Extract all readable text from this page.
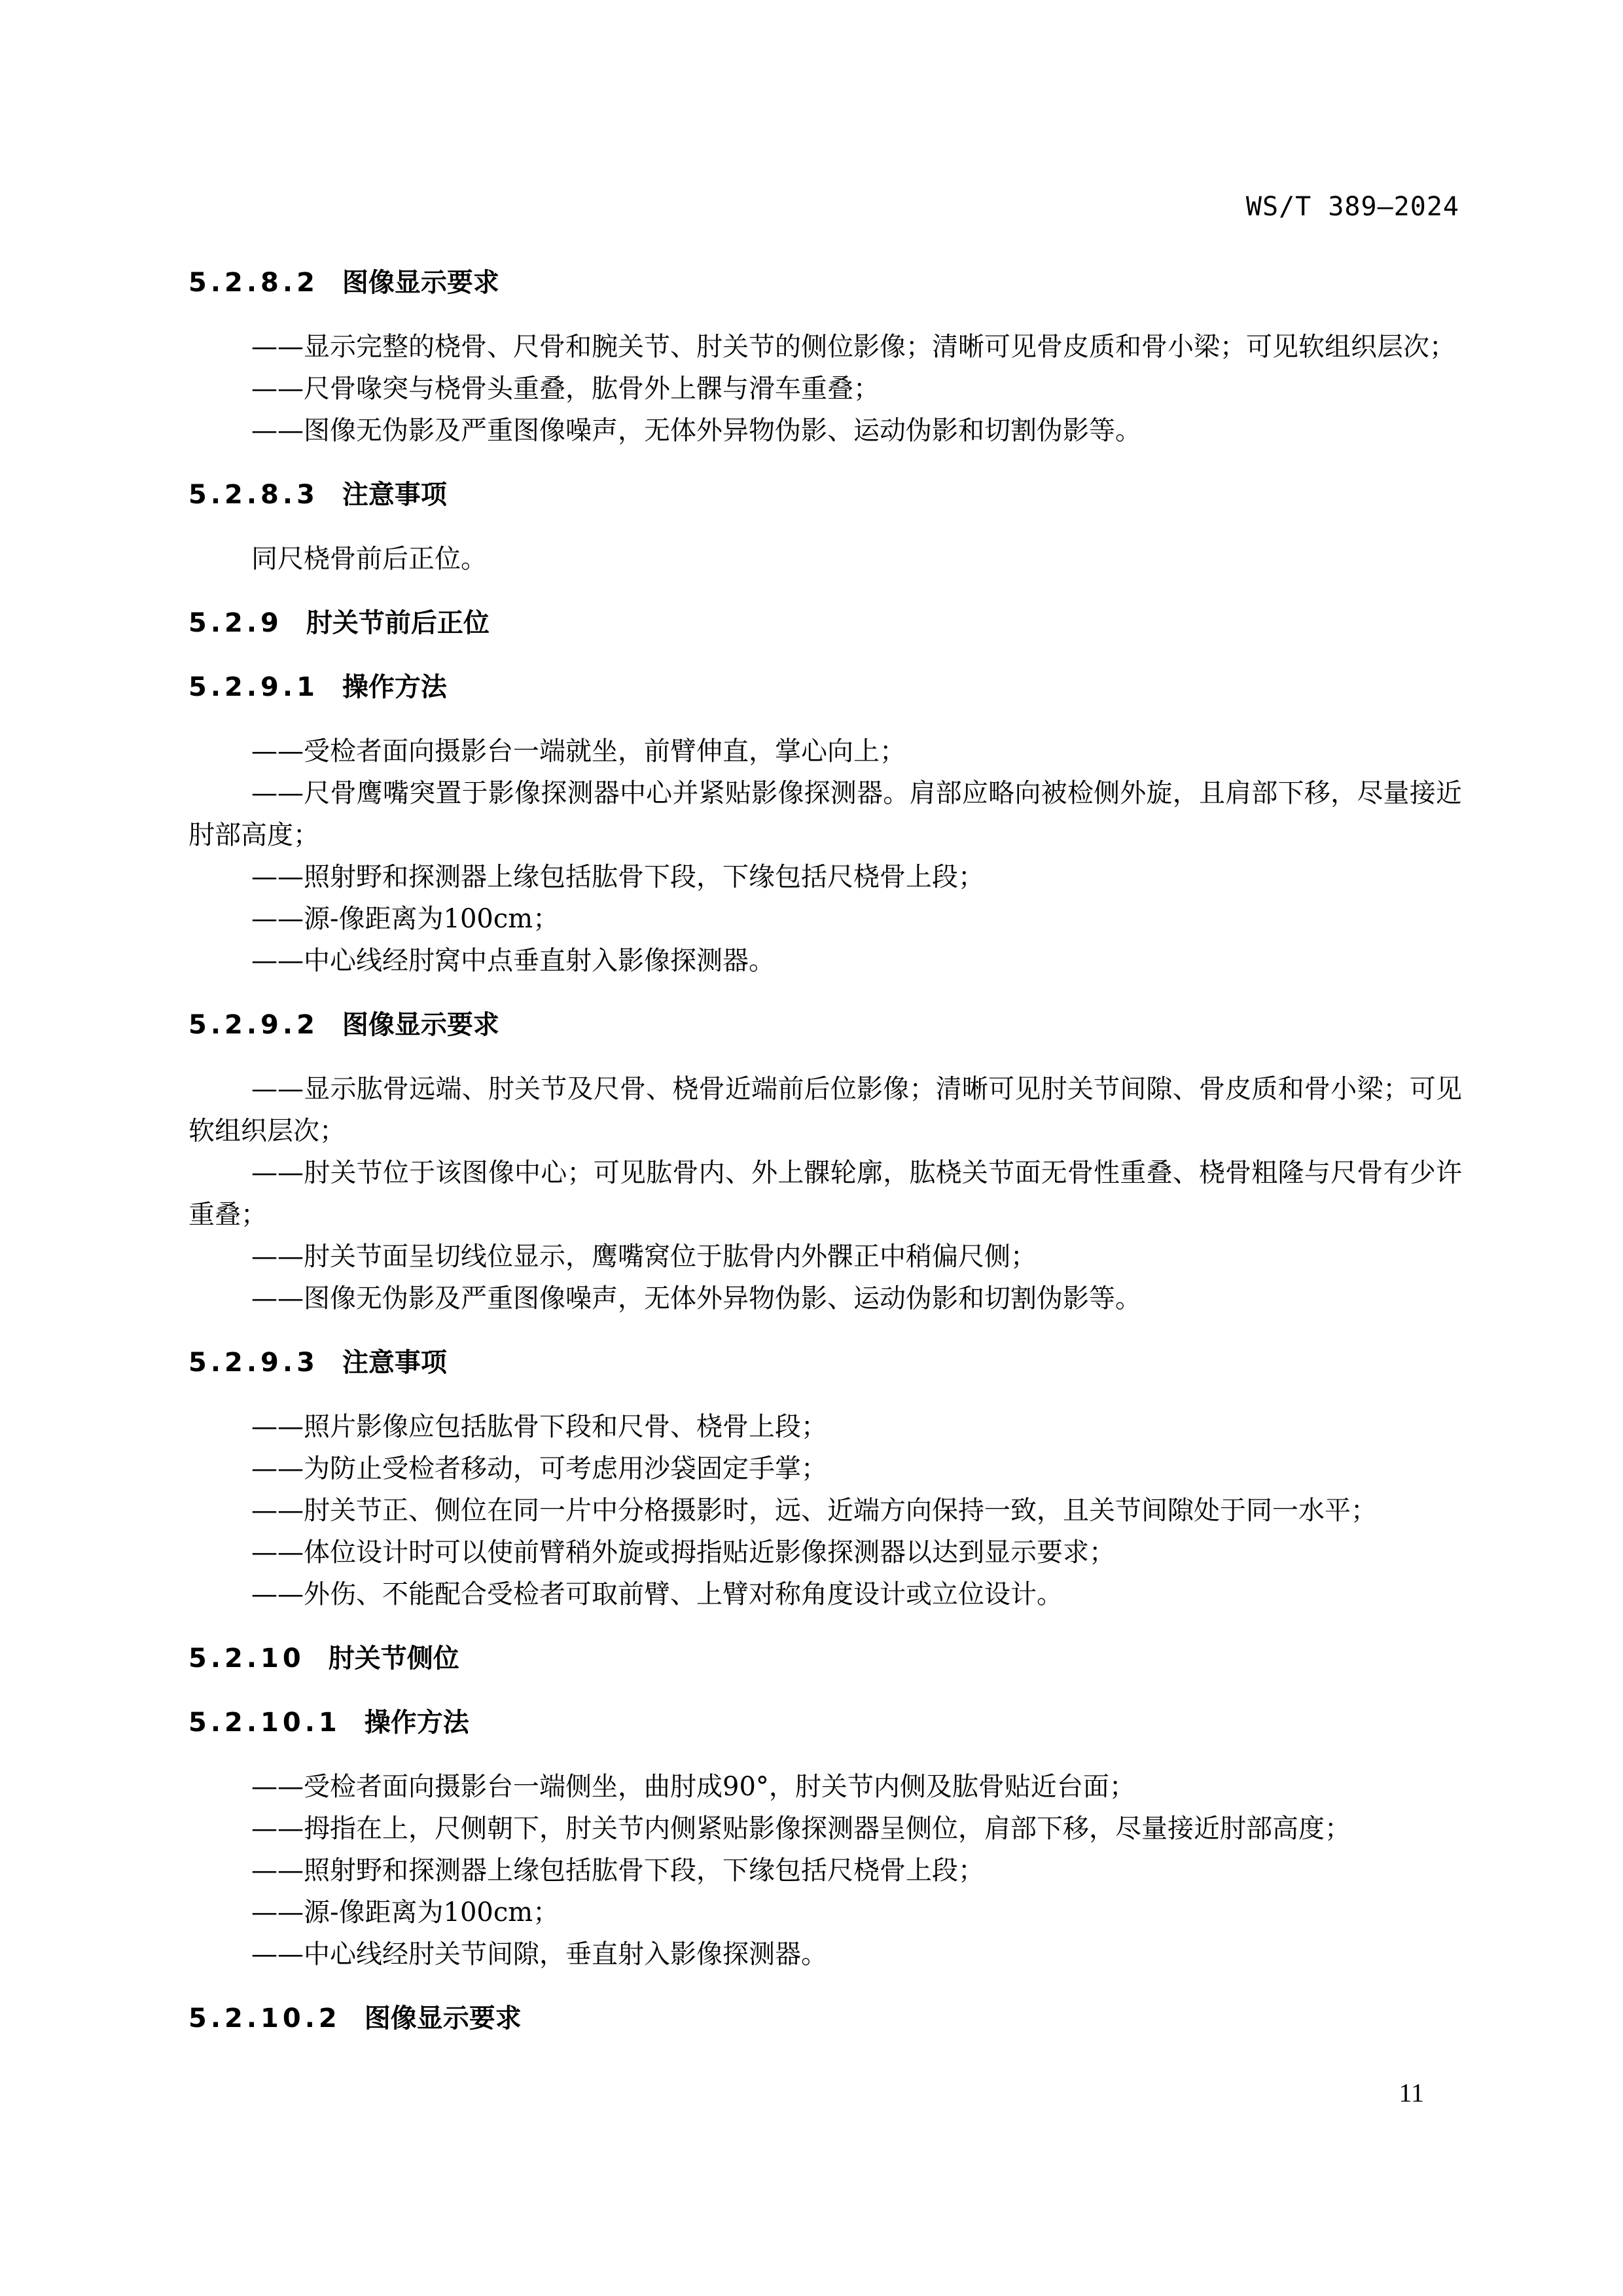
WS/T 389—2024
5.2.8.2 图像显示要求

——显示完整的桡骨、尺骨和腕关节、肘关节的侧位影像；清晰可见骨皮质和骨小梁；可见软组织层次；

——尺骨喙突与桡骨头重叠，肱骨外上髁与滑车重叠；

——图像无伪影及严重图像噪声，无体外异物伪影、运动伪影和切割伪影等。

5.2.8.3 注意事项

同尺桡骨前后正位。

5.2.9 肘关节前后正位
5.2.9.1 操作方法

——受检者面向摄影台一端就坐，前臂伸直，掌心向上；

——尺骨鹰嘴突置于影像探测器中心并紧贴影像探测器。肩部应略向被检侧外旋，且肩部下移，尽量接近肘部高度；

——照射野和探测器上缘包括肱骨下段，下缘包括尺桡骨上段；

——源-像距离为100cm；

——中心线经肘窝中点垂直射入影像探测器。

5.2.9.2 图像显示要求

——显示肱骨远端、肘关节及尺骨、桡骨近端前后位影像；清晰可见肘关节间隙、骨皮质和骨小梁；可见软组织层次；

——肘关节位于该图像中心；可见肱骨内、外上髁轮廓，肱桡关节面无骨性重叠、桡骨粗隆与尺骨有少许重叠；

——肘关节面呈切线位显示，鹰嘴窝位于肱骨内外髁正中稍偏尺侧；

——图像无伪影及严重图像噪声，无体外异物伪影、运动伪影和切割伪影等。

5.2.9.3 注意事项

——照片影像应包括肱骨下段和尺骨、桡骨上段；

——为防止受检者移动，可考虑用沙袋固定手掌；

——肘关节正、侧位在同一片中分格摄影时，远、近端方向保持一致，且关节间隙处于同一水平；

——体位设计时可以使前臂稍外旋或拇指贴近影像探测器以达到显示要求；

——外伤、不能配合受检者可取前臂、上臂对称角度设计或立位设计。

5.2.10 肘关节侧位
5.2.10.1 操作方法

——受检者面向摄影台一端侧坐，曲肘成90°，肘关节内侧及肱骨贴近台面；

——拇指在上，尺侧朝下，肘关节内侧紧贴影像探测器呈侧位，肩部下移，尽量接近肘部高度；

——照射野和探测器上缘包括肱骨下段，下缘包括尺桡骨上段；

——源-像距离为100cm；

——中心线经肘关节间隙，垂直射入影像探测器。

5.2.10.2 图像显示要求
11
